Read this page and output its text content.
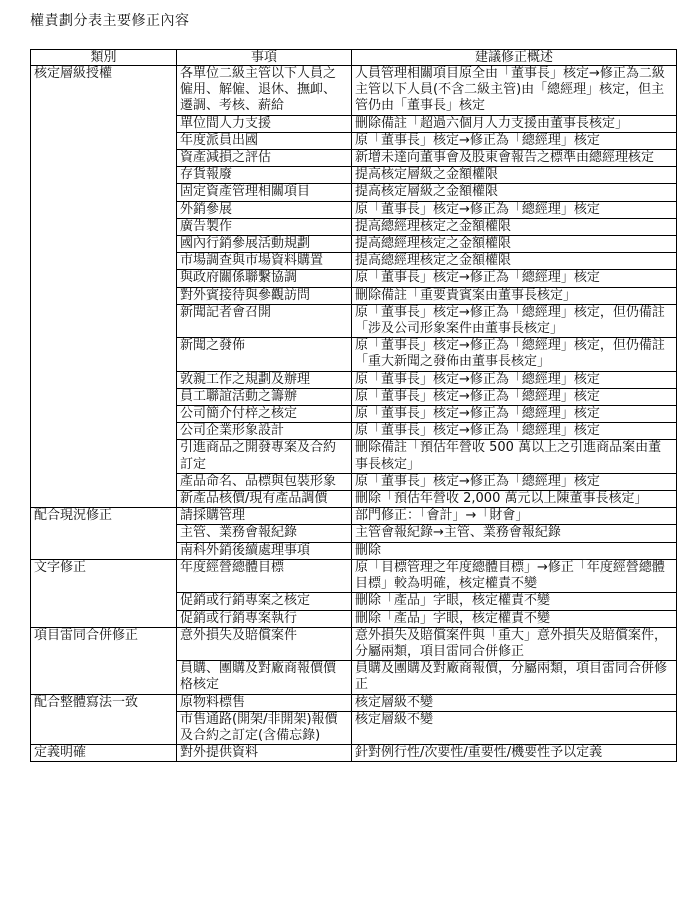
權責劃分表主要修正內容
類別	事項	建議修正概述
核定層級授權	各單位二級主管以下人員之僱用、解僱、退休、撫卹、遷調、考核、薪給	人員管理相關項目原全由「董事長」核定→修正為二級主管以下人員(不含二級主管)由「總經理」核定，但主管仍由「董事長」核定
	單位間人力支援	刪除備註「超過六個月人力支援由董事長核定」
	年度派員出國	原「董事長」核定→修正為「總經理」核定
	資產減損之評估	新增未達向董事會及股東會報告之標準由總經理核定
	存貨報廢	提高核定層級之金額權限
	固定資產管理相關項目	提高核定層級之金額權限
	外銷參展	原「董事長」核定→修正為「總經理」核定
	廣告製作	提高總經理核定之金額權限
	國內行銷參展活動規劃	提高總經理核定之金額權限
	市場調查與市場資料購置	提高總經理核定之金額權限
	與政府關係聯繫協調	原「董事長」核定→修正為「總經理」核定
	對外賓接待與參觀訪問	刪除備註「重要貴賓案由董事長核定」
	新聞記者會召開	原「董事長」核定→修正為「總經理」核定，但仍備註「涉及公司形象案件由董事長核定」
	新聞之發佈	原「董事長」核定→修正為「總經理」核定，但仍備註「重大新聞之發佈由董事長核定」
	敦親工作之規劃及辦理	原「董事長」核定→修正為「總經理」核定
	員工聯誼活動之籌辦	原「董事長」核定→修正為「總經理」核定
	公司簡介付梓之核定	原「董事長」核定→修正為「總經理」核定
	公司企業形象設計	原「董事長」核定→修正為「總經理」核定
	引進商品之開發專案及合約訂定	刪除備註「預估年營收 500 萬以上之引進商品案由董事長核定」
	產品命名、品標與包裝形象	原「董事長」核定→修正為「總經理」核定
	新產品核價/現有產品調價	刪除「預估年營收 2,000 萬元以上陳董事長核定」
配合現況修正	請採購管理	部門修正：「會計」→「財會」
	主管、業務會報紀錄	主管會報紀錄→主管、業務會報紀錄
	南科外銷後續處理事項	刪除
文字修正	年度經營總體目標	原「目標管理之年度總體目標」→修正「年度經營總體目標」較為明確，核定權責不變
	促銷或行銷專案之核定	刪除「產品」字眼，核定權責不變
	促銷或行銷專案執行	刪除「產品」字眼，核定權責不變
項目雷同合併修正	意外損失及賠償案件	意外損失及賠償案件與「重大」意外損失及賠償案件，分屬兩類，項目雷同合併修正
	員購、團購及對廠商報價價格核定	員購及團購及對廠商報價，分屬兩類，項目雷同合併修正
配合整體寫法一致	原物料標售	核定層級不變
	市售通路(開架/非開架)報價及合約之訂定(含備忘錄)	核定層級不變
定義明確	對外提供資料	針對例行性/次要性/重要性/機要性予以定義
